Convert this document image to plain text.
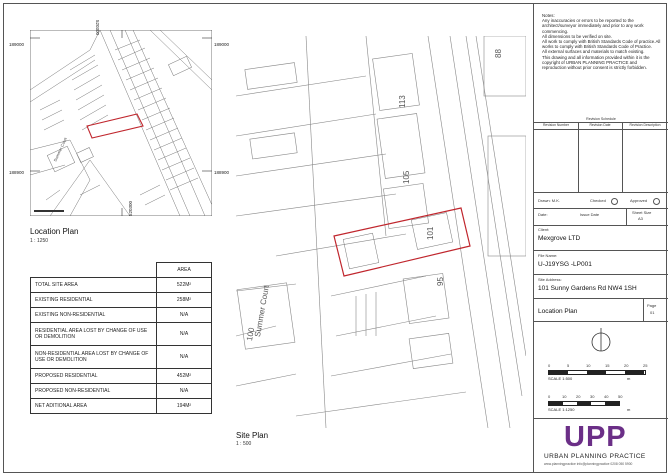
Summer Court
189000	189000
188900	188900
520300
520300
Location Plan
1 : 1250
	AREA
TOTAL SITE AREA	522M²
EXISTING RESIDENTIAL	258M²
EXISTING NON-RESIDENTIAL	N/A
RESIDENTIAL AREA LOST BY CHANGE OF USE OR DEMOLITION	N/A
NON-RESIDENTIAL AREA LOST BY CHANGE OF USE OR DEMOLITION	N/A
PROPOSED RESIDENTIAL	452M²
PROPOSED NON-RESIDENTIAL	N/A
NET ADITIONAL AREA	194M²
88
113
105
101
95
Summer Court
100
Site Plan
1 : 500
Notes:
Any inaccuracies or errors to be reported to the architect/surveyor immediately and prior to any work commencing.
All dimensions to be verified on site.
All work to comply with British Standards Code of practice.All works to comply with British Standards Code of Practice.
All external surfaces and materials to match existing.
This drawing and all information provided within it is the copyright of URBAN PLANNING PRACTICE and reproduction without prior consent is strictly forbidden.
Revision Schedule
Revision Number	Revision Date	Revision Description
Drawn: M.K.	Checked	Approved
Date:	Issue Date	Sheet Size
A3
Client:
Mexgrove LTD
File Name:
U-J19YSG -LP001
Site Address:
101 Sunny Gardens Rd NW4 1SH
Location Plan
Page
01
0	5	10	15	20	25
SCALE 1:500	m
0	10 20 30 40 50
SCALE 1:1250	m
UPP
URBAN PLANNING PRACTICE
www.planningpractice info@planningpractice 0208 050 5900
